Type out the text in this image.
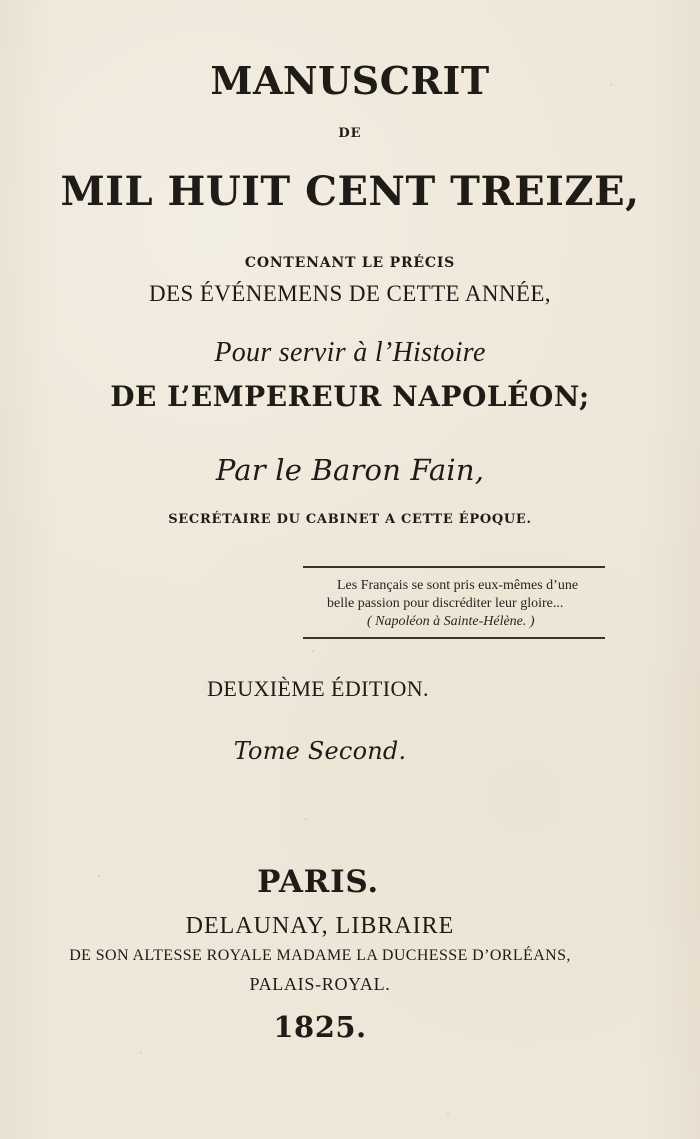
MANUSCRIT
DE
MIL HUIT CENT TREIZE,
CONTENANT LE PRÉCIS
DES ÉVÉNEMENS DE CETTE ANNÉE,
Pour servir à l’Histoire
DE L’EMPEREUR NAPOLÉON;
Par le Baron Fain,
SECRÉTAIRE DU CABINET A CETTE ÉPOQUE.
Les Français se sont pris eux-mêmes d’une
belle passion pour discréditer leur gloire...
( Napoléon à Sainte-Hélène. )
DEUXIÈME ÉDITION.
Tome Second.
PARIS.
DELAUNAY, LIBRAIRE
DE SON ALTESSE ROYALE MADAME LA DUCHESSE D’ORLÉANS,
PALAIS-ROYAL.
1825.
